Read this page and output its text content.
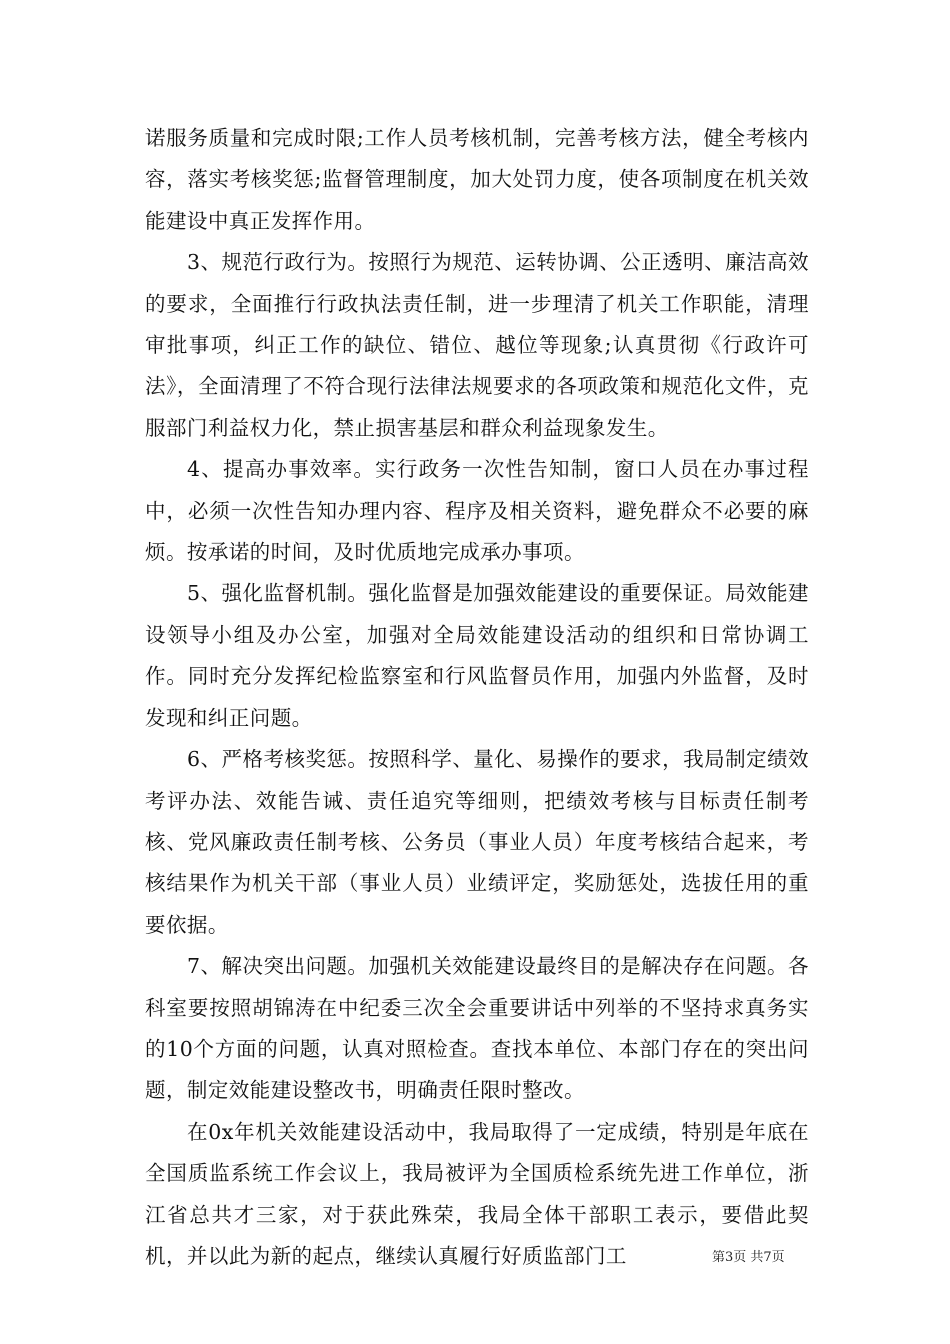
诺服务质量和完成时限;工作人员考核机制，完善考核方法，健全考核内容，落实考核奖惩;监督管理制度，加大处罚力度，使各项制度在机关效能建设中真正发挥作用。

3、规范行政行为。按照行为规范、运转协调、公正透明、廉洁高效的要求，全面推行行政执法责任制，进一步理清了机关工作职能，清理审批事项，纠正工作的缺位、错位、越位等现象;认真贯彻《行政许可法》，全面清理了不符合现行法律法规要求的各项政策和规范化文件，克服部门利益权力化，禁止损害基层和群众利益现象发生。

4、提高办事效率。实行政务一次性告知制，窗口人员在办事过程中，必须一次性告知办理内容、程序及相关资料，避免群众不必要的麻烦。按承诺的时间，及时优质地完成承办事项。

5、强化监督机制。强化监督是加强效能建设的重要保证。局效能建设领导小组及办公室，加强对全局效能建设活动的组织和日常协调工作。同时充分发挥纪检监察室和行风监督员作用，加强内外监督，及时发现和纠正问题。

6、严格考核奖惩。按照科学、量化、易操作的要求，我局制定绩效考评办法、效能告诫、责任追究等细则，把绩效考核与目标责任制考核、党风廉政责任制考核、公务员（事业人员）年度考核结合起来，考核结果作为机关干部（事业人员）业绩评定，奖励惩处，选拔任用的重要依据。

7、解决突出问题。加强机关效能建设最终目的是解决存在问题。各科室要按照胡锦涛在中纪委三次全会重要讲话中列举的不坚持求真务实的10个方面的问题，认真对照检查。查找本单位、本部门存在的突出问题，制定效能建设整改书，明确责任限时整改。

在0x年机关效能建设活动中，我局取得了一定成绩，特别是年底在全国质监系统工作会议上，我局被评为全国质检系统先进工作单位，浙江省总共才三家，对于获此殊荣，我局全体干部职工表示，要借此契机，并以此为新的起点，继续认真履行好质监部门工	第3页 共7页
